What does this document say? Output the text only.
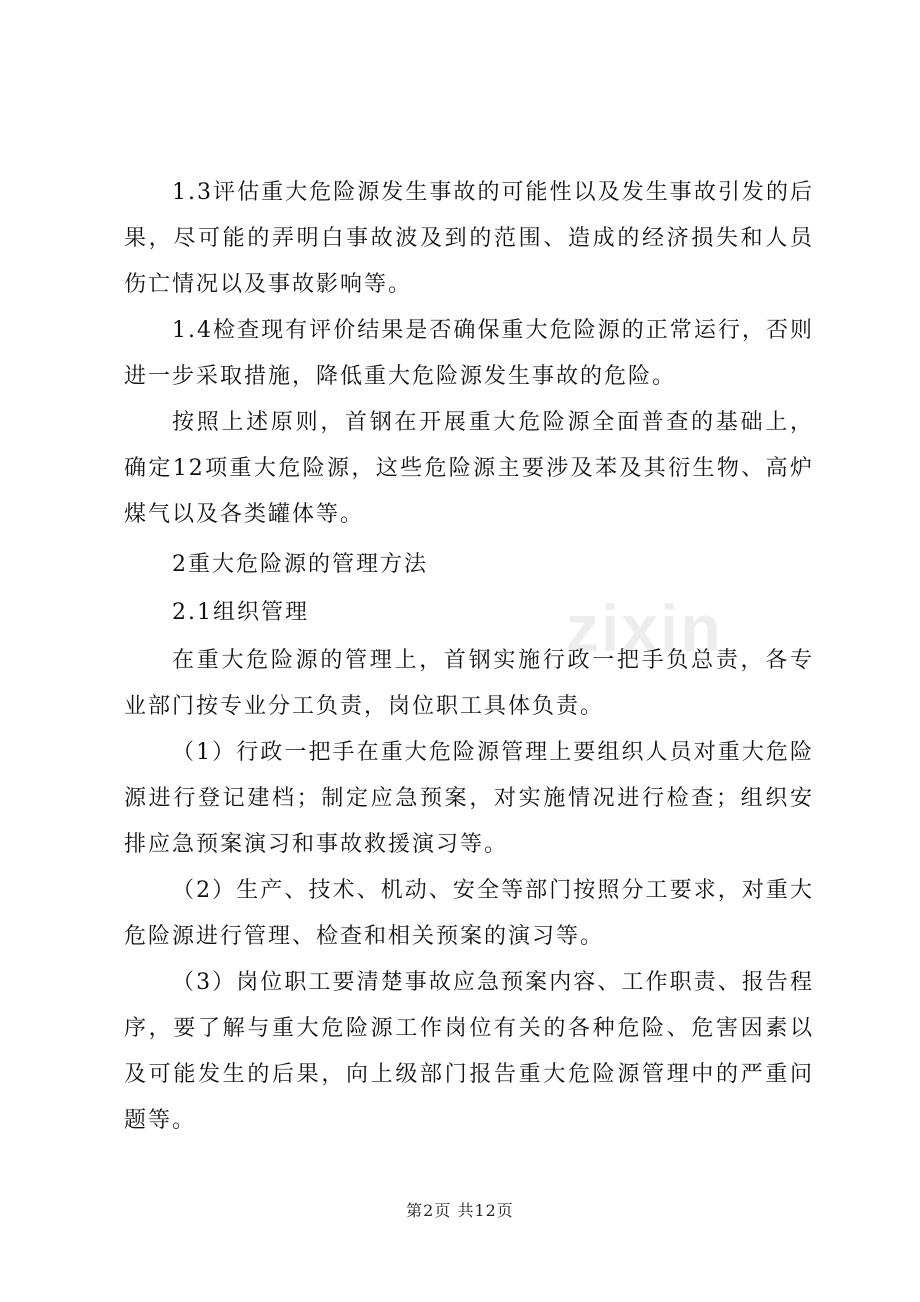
1.3评估重大危险源发生事故的可能性以及发生事故引发的后果，尽可能的弄明白事故波及到的范围、造成的经济损失和人员伤亡情况以及事故影响等。

1.4检查现有评价结果是否确保重大危险源的正常运行，否则进一步采取措施，降低重大危险源发生事故的危险。

按照上述原则，首钢在开展重大危险源全面普查的基础上，确定12项重大危险源，这些危险源主要涉及苯及其衍生物、高炉煤气以及各类罐体等。

2重大危险源的管理方法

2.1组织管理

在重大危险源的管理上，首钢实施行政一把手负总责，各专业部门按专业分工负责，岗位职工具体负责。

（1）行政一把手在重大危险源管理上要组织人员对重大危险源进行登记建档；制定应急预案，对实施情况进行检查；组织安排应急预案演习和事故救援演习等。

（2）生产、技术、机动、安全等部门按照分工要求，对重大危险源进行管理、检查和相关预案的演习等。

（3）岗位职工要清楚事故应急预案内容、工作职责、报告程序，要了解与重大危险源工作岗位有关的各种危险、危害因素以及可能发生的后果，向上级部门报告重大危险源管理中的严重问题等。

zixin
第2页 共12页
